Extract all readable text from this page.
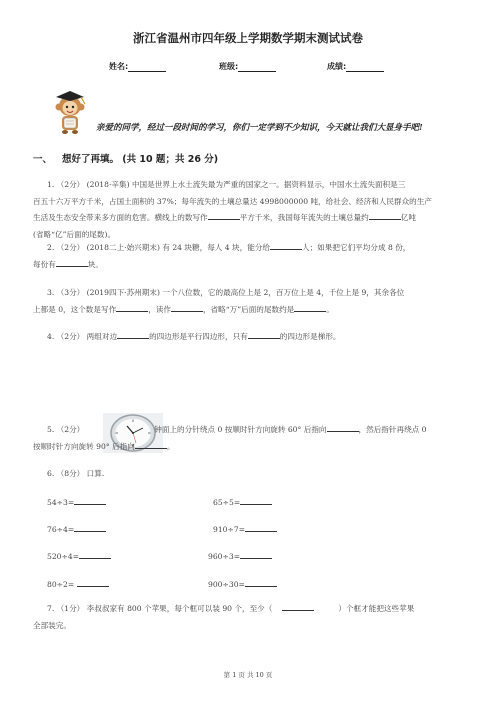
浙江省温州市四年级上学期数学期末测试试卷
姓名:	班级:	成绩:
亲爱的同学，经过一段时间的学习，你们一定学到不少知识，今天就让我们大显身手吧!
一、 想好了再填。 (共 10 题；共 26 分)
1. （2分） (2018·辛集) 中国是世界上水土流失最为严重的国家之一。据资料显示，中国水土流失面积是三
百五十六万平方千米，占国土面积的 37%；每年流失的土壤总量达 4998000000 吨，给社会、经济和人民群众的生产
生活及生态安全带来多方面的危害。横线上的数写作	平方千米，我国每年流失的土壤总量约	亿吨
(省略“亿”后面的尾数)。
2. （2分） (2018二上·始兴期末) 有 24 块糖，每人 4 块，能分给	人；如果把它们平均分成 8 份，
每份有	块。
3. （3分） (2019四下·苏州期末) 一个八位数，它的最高位上是 2，百万位上是 4，千位上是 9，其余各位
上都是 0，这个数是写作	，读作	，省略“万”后面的尾数约是	。
4. （2分） 两组对边	的四边形是平行四边形，只有	的四边形是梯形。
5. （2分）	钟面上的分针绕点 0 按顺时针方向旋转 60° 后指向	，然后指针再绕点 0
按顺时针方向旋转 90° 后指向	。
6. （8分） 口算.
54÷3=	65÷5=
76÷4=	910÷7=
520÷4=	960÷3=
80÷2=	900÷30=
7. （1分） 李叔叔家有 800 个苹果，每个框可以装 90 个，至少（	）个框才能把这些苹果
全部装完。
第 1 页 共 10 页
